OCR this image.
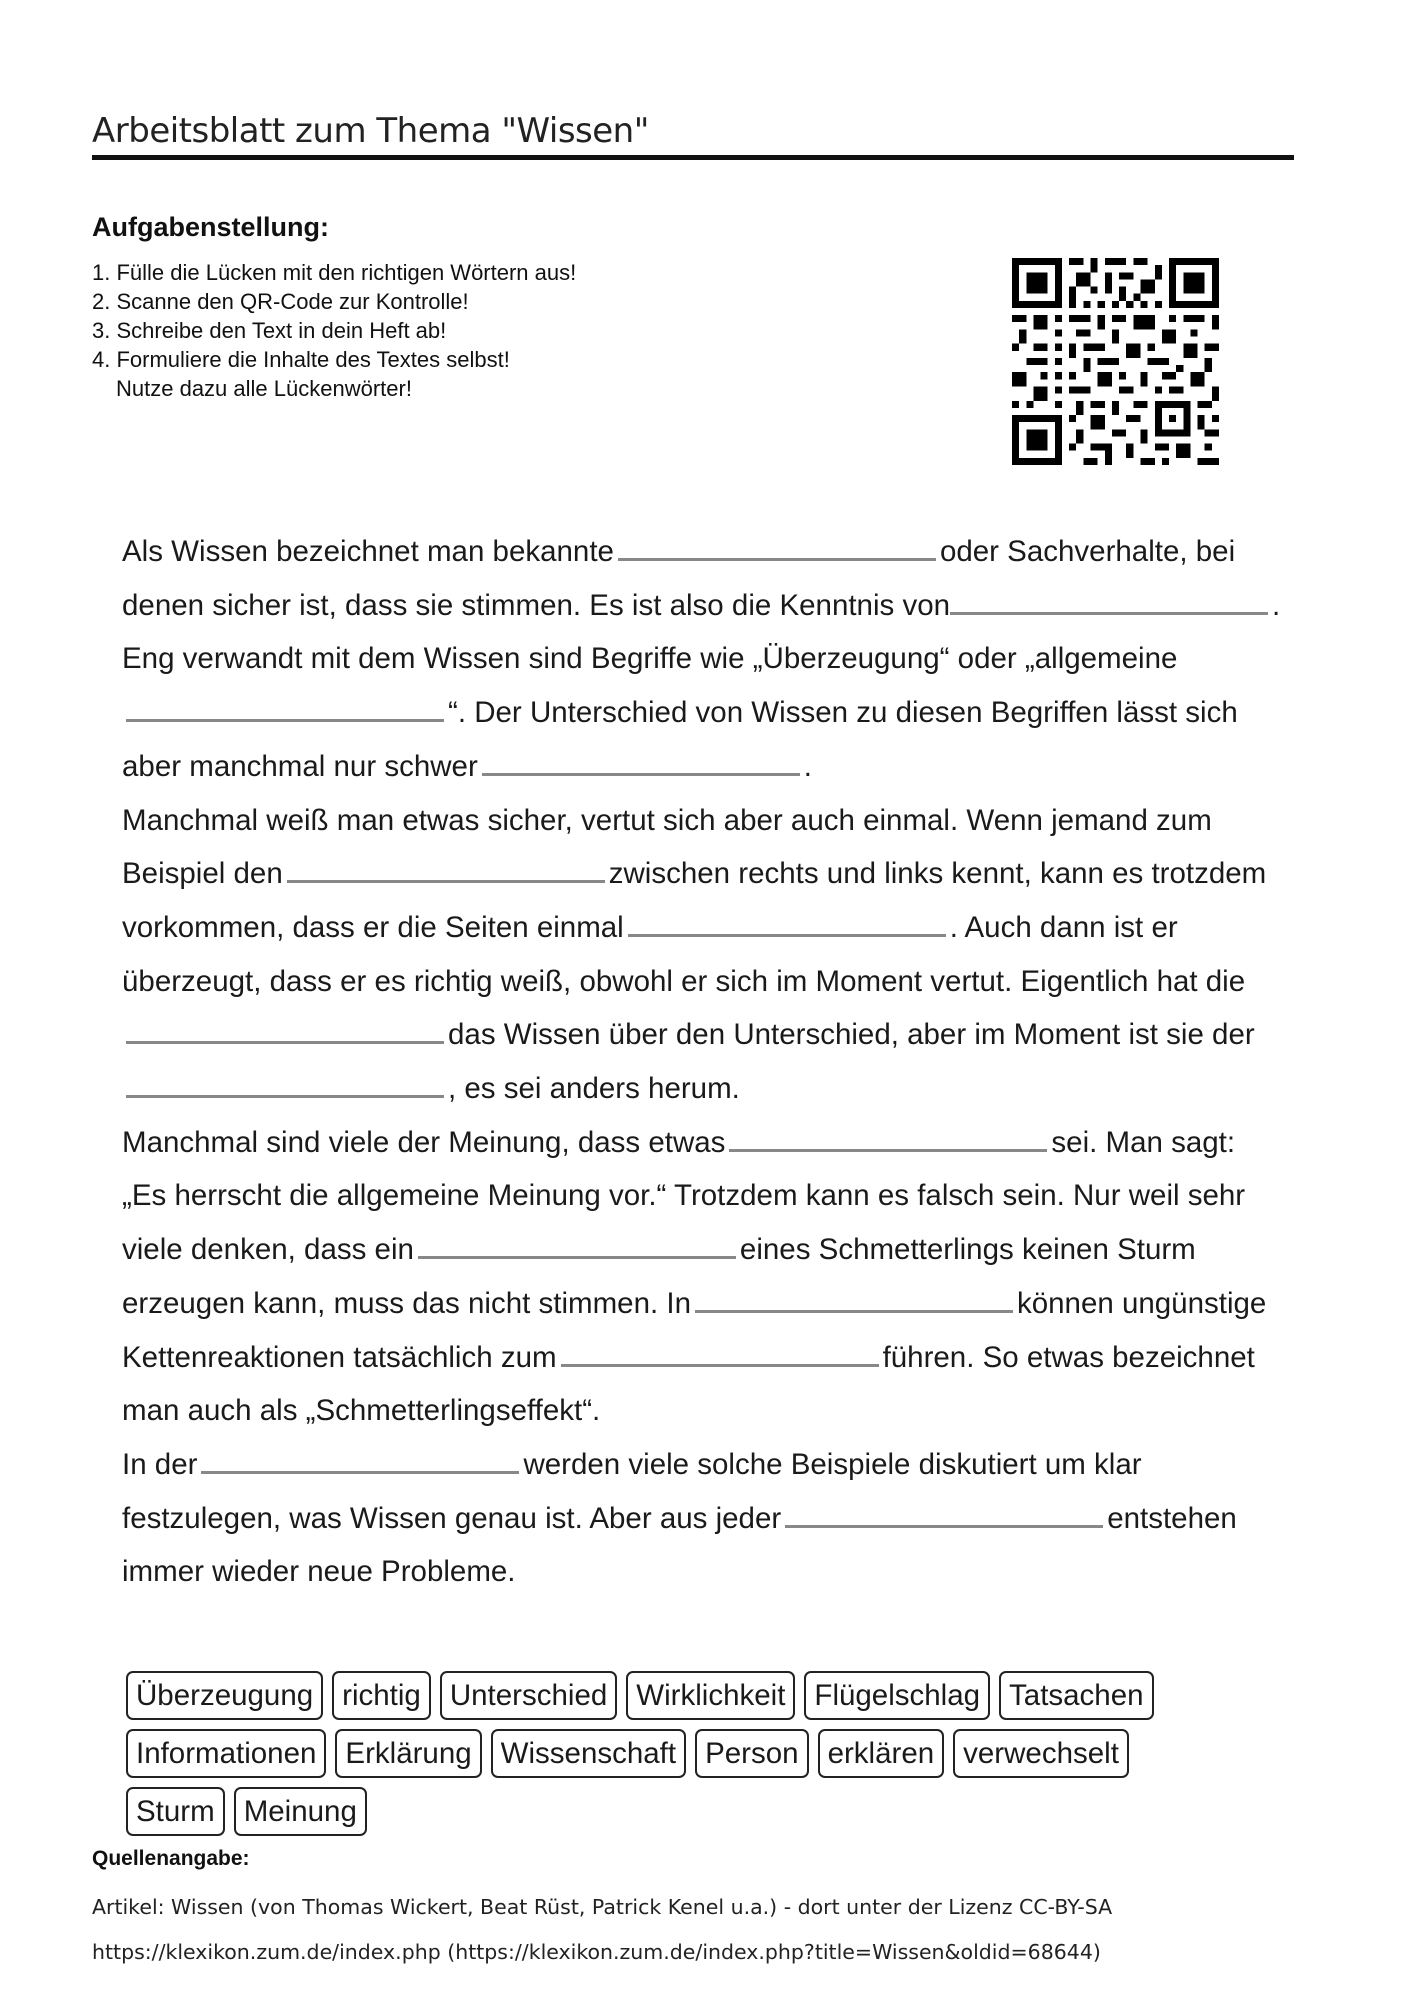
Arbeitsblatt zum Thema "Wissen"
Aufgabenstellung:
1. Fülle die Lücken mit den richtigen Wörtern aus!
2. Scanne den QR-Code zur Kontrolle!
3. Schreibe den Text in dein Heft ab!
4. Formuliere die Inhalte des Textes selbst!
Nutze dazu alle Lückenwörter!

Als Wissen bezeichnet man bekannte	oder Sachverhalte, bei denen sicher ist, dass sie stimmen. Es ist also die Kenntnis von	. Eng verwandt mit dem Wissen sind Begriffe wie „Überzeugung“ oder „allgemeine“. Der Unterschied von Wissen zu diesen Begriffen lässt sich aber manchmal nur schwer	.

Manchmal weiß man etwas sicher, vertut sich aber auch einmal. Wenn jemand zum Beispiel den	zwischen rechts und links kennt, kann es trotzdem vorkommen, dass er die Seiten einmal	. Auch dann ist er überzeugt, dass er es richtig weiß, obwohl er sich im Moment vertut. Eigentlich hat diedas Wissen über den Unterschied, aber im Moment ist sie der, es sei anders herum.

Manchmal sind viele der Meinung, dass etwas	sei. Man sagt: „Es herrscht die allgemeine Meinung vor.“ Trotzdem kann es falsch sein. Nur weil sehr viele denken, dass ein	eines Schmetterlings keinen Sturm erzeugen kann, muss das nicht stimmen. In	können ungünstige Kettenreaktionen tatsächlich zum	führen. So etwas bezeichnet man auch als „Schmetterlingseffekt“.

In der	werden viele solche Beispiele diskutiert um klar festzulegen, was Wissen genau ist. Aber aus jeder	entstehen immer wieder neue Probleme.

Überzeugung richtig Unterschied Wirklichkeit Flügelschlag Tatsachen
Informationen Erklärung Wissenschaft Person erklären verwechselt
Sturm Meinung
Quellenangabe:
Artikel: Wissen (von Thomas Wickert, Beat Rüst, Patrick Kenel u.a.) - dort unter der Lizenz CC-BY-SA
https://klexikon.zum.de/index.php (https://klexikon.zum.de/index.php?title=Wissen&oldid=68644)
